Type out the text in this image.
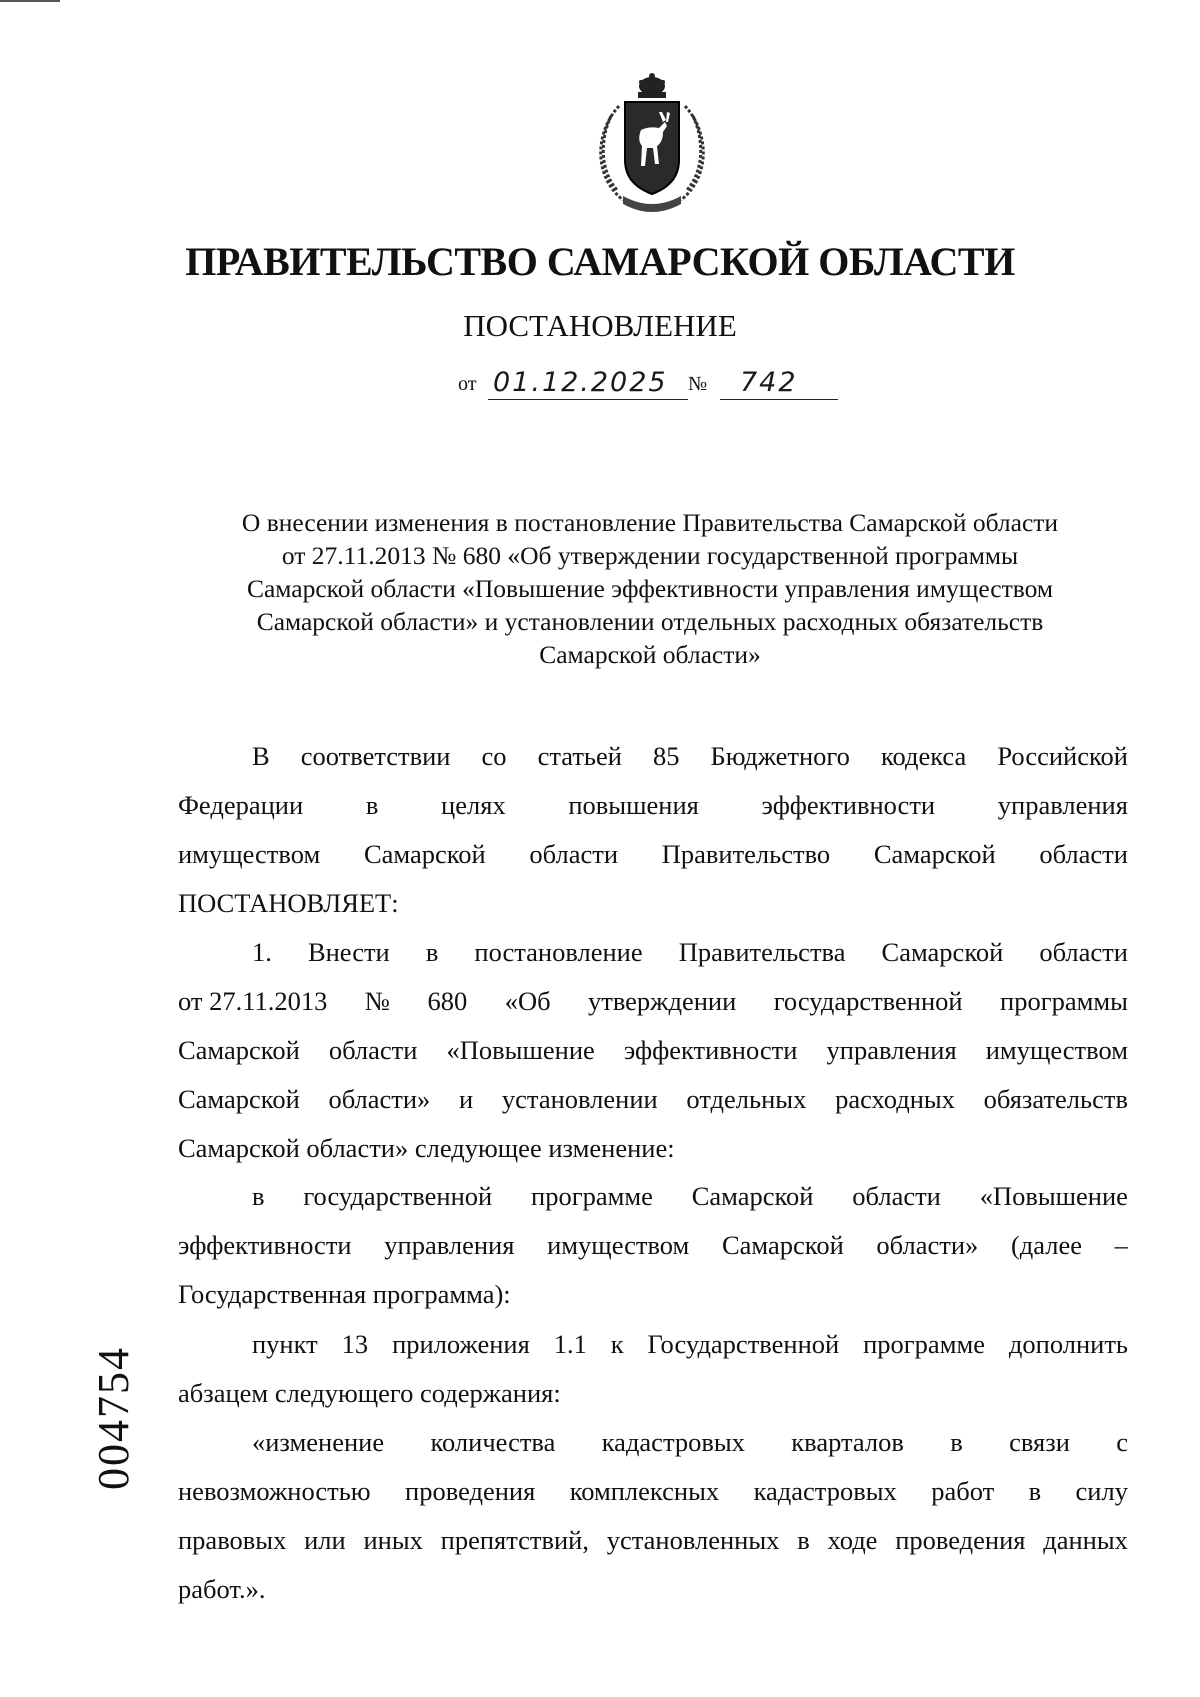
ПРАВИТЕЛЬСТВО САМАРСКОЙ ОБЛАСТИ
ПОСТАНОВЛЕНИЕ
от 01.12.2025 № 742
О внесении изменения в постановление Правительства Самарской области
от 27.11.2013 № 680 «Об утверждении государственной программы
Самарской области «Повышение эффективности управления имуществом
Самарской области» и установлении отдельных расходных обязательств
Самарской области»
В соответствии со статьей 85 Бюджетного кодекса Российской
Федерации в целях повышения эффективности управления
имуществом Самарской области Правительство Самарской области
ПОСТАНОВЛЯЕТ:
1. Внести в постановление Правительства Самарской области
от 27.11.2013 № 680 «Об утверждении государственной программы
Самарской области «Повышение эффективности управления имуществом
Самарской области» и установлении отдельных расходных обязательств
Самарской области» следующее изменение:
в государственной программе Самарской области «Повышение
эффективности управления имуществом Самарской области» (далее –
Государственная программа):
пункт 13 приложения 1.1 к Государственной программе дополнить
абзацем следующего содержания:
«изменение количества кадастровых кварталов в связи с
невозможностью проведения комплексных кадастровых работ в силу
правовых или иных препятствий, установленных в ходе проведения данных
работ.».
004754
